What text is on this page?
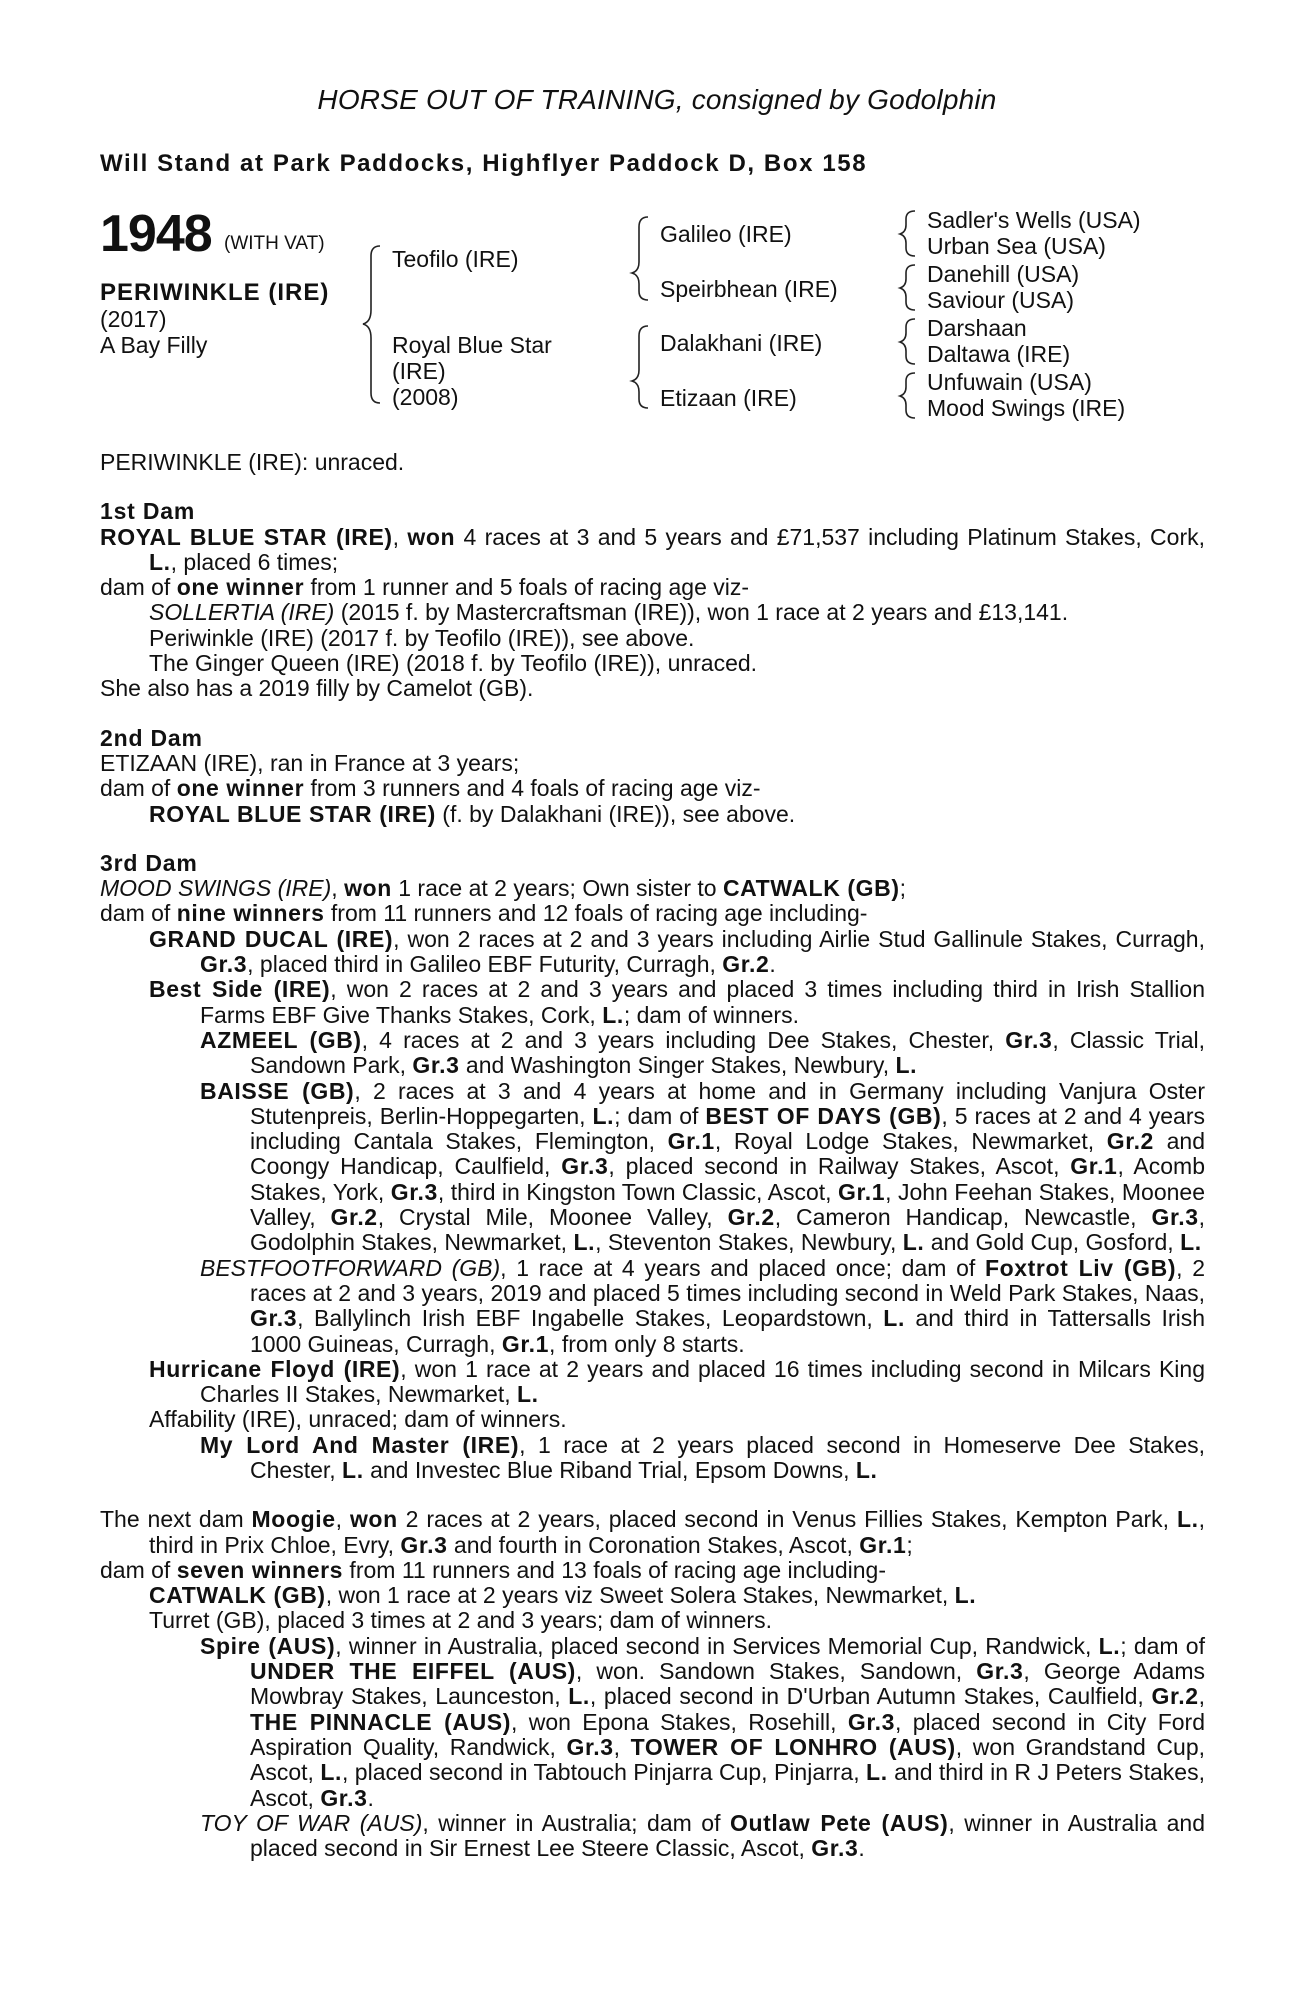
HORSE OUT OF TRAINING, consigned by Godolphin
Will Stand at Park Paddocks, Highflyer Paddock D, Box 158
1948 (WITH VAT)
PERIWINKLE (IRE)
(2017)
A Bay Filly
Teofilo (IRE)
Royal Blue Star
(IRE)
(2008)
Galileo (IRE)
Speirbhean (IRE)
Dalakhani (IRE)
Etizaan (IRE)
Sadler's Wells (USA)
Urban Sea (USA)
Danehill (USA)
Saviour (USA)
Darshaan
Daltawa (IRE)
Unfuwain (USA)
Mood Swings (IRE)

PERIWINKLE (IRE): unraced.

1st Dam

ROYAL BLUE STAR (IRE), won 4 races at 3 and 5 years and £71,537 including Platinum Stakes, Cork, L., placed 6 times;

dam of one winner from 1 runner and 5 foals of racing age viz-

SOLLERTIA (IRE) (2015 f. by Mastercraftsman (IRE)), won 1 race at 2 years and £13,141.

Periwinkle (IRE) (2017 f. by Teofilo (IRE)), see above.

The Ginger Queen (IRE) (2018 f. by Teofilo (IRE)), unraced.

She also has a 2019 filly by Camelot (GB).

2nd Dam

ETIZAAN (IRE), ran in France at 3 years;

dam of one winner from 3 runners and 4 foals of racing age viz-

ROYAL BLUE STAR (IRE) (f. by Dalakhani (IRE)), see above.

3rd Dam

MOOD SWINGS (IRE), won 1 race at 2 years; Own sister to CATWALK (GB);

dam of nine winners from 11 runners and 12 foals of racing age including-

GRAND DUCAL (IRE), won 2 races at 2 and 3 years including Airlie Stud Gallinule Stakes, Curragh, Gr.3, placed third in Galileo EBF Futurity, Curragh, Gr.2.

Best Side (IRE), won 2 races at 2 and 3 years and placed 3 times including third in Irish Stallion Farms EBF Give Thanks Stakes, Cork, L.; dam of winners.

AZMEEL (GB), 4 races at 2 and 3 years including Dee Stakes, Chester, Gr.3, Classic Trial, Sandown Park, Gr.3 and Washington Singer Stakes, Newbury, L.

BAISSE (GB), 2 races at 3 and 4 years at home and in Germany including Vanjura Oster Stutenpreis, Berlin-Hoppegarten, L.; dam of BEST OF DAYS (GB), 5 races at 2 and 4 years including Cantala Stakes, Flemington, Gr.1, Royal Lodge Stakes, Newmarket, Gr.2 and Coongy Handicap, Caulfield, Gr.3, placed second in Railway Stakes, Ascot, Gr.1, Acomb Stakes, York, Gr.3, third in Kingston Town Classic, Ascot, Gr.1, John Feehan Stakes, Moonee Valley, Gr.2, Crystal Mile, Moonee Valley, Gr.2, Cameron Handicap, Newcastle, Gr.3, Godolphin Stakes, Newmarket, L., Steventon Stakes, Newbury, L. and Gold Cup, Gosford, L.

BESTFOOTFORWARD (GB), 1 race at 4 years and placed once; dam of Foxtrot Liv (GB), 2 races at 2 and 3 years, 2019 and placed 5 times including second in Weld Park Stakes, Naas, Gr.3, Ballylinch Irish EBF Ingabelle Stakes, Leopardstown, L. and third in Tattersalls Irish 1000 Guineas, Curragh, Gr.1, from only 8 starts.

Hurricane Floyd (IRE), won 1 race at 2 years and placed 16 times including second in Milcars King Charles II Stakes, Newmarket, L.

Affability (IRE), unraced; dam of winners.

My Lord And Master (IRE), 1 race at 2 years placed second in Homeserve Dee Stakes, Chester, L. and Investec Blue Riband Trial, Epsom Downs, L.

The next dam Moogie, won 2 races at 2 years, placed second in Venus Fillies Stakes, Kempton Park, L., third in Prix Chloe, Evry, Gr.3 and fourth in Coronation Stakes, Ascot, Gr.1;

dam of seven winners from 11 runners and 13 foals of racing age including-

CATWALK (GB), won 1 race at 2 years viz Sweet Solera Stakes, Newmarket, L.

Turret (GB), placed 3 times at 2 and 3 years; dam of winners.

Spire (AUS), winner in Australia, placed second in Services Memorial Cup, Randwick, L.; dam of UNDER THE EIFFEL (AUS), won. Sandown Stakes, Sandown, Gr.3, George Adams Mowbray Stakes, Launceston, L., placed second in D'Urban Autumn Stakes, Caulfield, Gr.2, THE PINNACLE (AUS), won Epona Stakes, Rosehill, Gr.3, placed second in City Ford Aspiration Quality, Randwick, Gr.3, TOWER OF LONHRO (AUS), won Grandstand Cup, Ascot, L., placed second in Tabtouch Pinjarra Cup, Pinjarra, L. and third in R J Peters Stakes, Ascot, Gr.3.

TOY OF WAR (AUS), winner in Australia; dam of Outlaw Pete (AUS), winner in Australia and placed second in Sir Ernest Lee Steere Classic, Ascot, Gr.3.
